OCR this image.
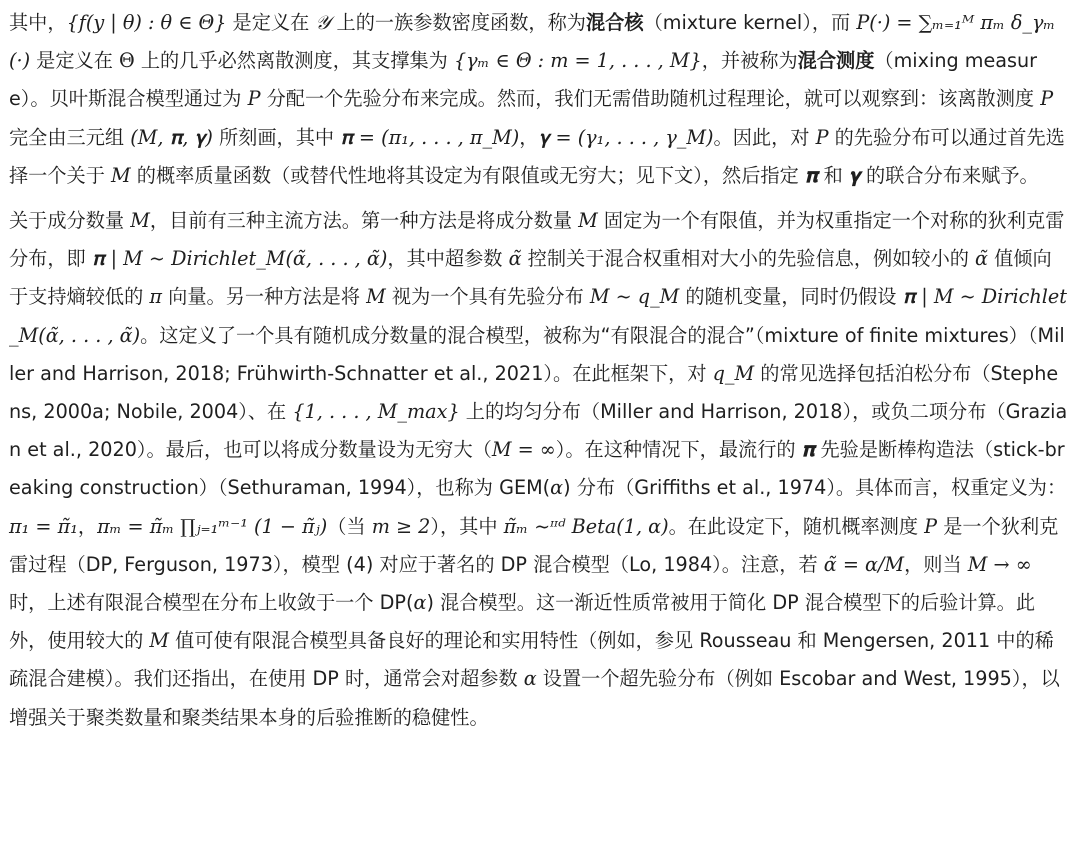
其中，{f(y | θ) : θ ∈ Θ} 是定义在 𝒴 上的一族参数密度函数，称为混合核（mixture kernel），而 P(·) = ∑ₘ₌₁ᴹ πₘ δ_γₘ (·) 是定义在 Θ 上的几乎必然离散测度，其支撑集为 {γₘ ∈ Θ : m = 1, . . . , M}，并被称为混合测度（mixing measure）。贝叶斯混合模型通过为 P 分配一个先验分布来完成。然而，我们无需借助随机过程理论，就可以观察到：该离散测度 P 完全由三元组 (M, 𝛑, 𝛄) 所刻画，其中 𝛑 = (π₁, . . . , π_M)，𝛄 = (γ₁, . . . , γ_M)。因此，对 P 的先验分布可以通过首先选择一个关于 M 的概率质量函数（或替代性地将其设定为有限值或无穷大；见下文），然后指定 𝛑 和 𝛄 的联合分布来赋予。

关于成分数量 M，目前有三种主流方法。第一种方法是将成分数量 M 固定为一个有限值，并为权重指定一个对称的狄利克雷分布，即 𝛑 | M ∼ Dirichlet_M(α̃, . . . , α̃)，其中超参数 α̃ 控制关于混合权重相对大小的先验信息，例如较小的 α̃ 值倾向于支持熵较低的 π 向量。另一种方法是将 M 视为一个具有先验分布 M ∼ q_M 的随机变量，同时仍假设 𝛑 | M ∼ Dirichlet_M(α̃, . . . , α̃)。这定义了一个具有随机成分数量的混合模型，被称为“有限混合的混合”（mixture of finite mixtures）（Miller and Harrison, 2018; Frühwirth-Schnatter et al., 2021）。在此框架下，对 q_M 的常见选择包括泊松分布（Stephens, 2000a; Nobile, 2004）、在 {1, . . . , M_max} 上的均匀分布（Miller and Harrison, 2018），或负二项分布（Grazian et al., 2020）。最后，也可以将成分数量设为无穷大（M = ∞）。在这种情况下，最流行的 𝛑 先验是断棒构造法（stick-breaking construction）（Sethuraman, 1994），也称为 GEM(α) 分布（Griffiths et al., 1974）。具体而言，权重定义为：π₁ = π̃₁，πₘ = π̃ₘ ∏ⱼ₌₁ᵐ⁻¹ (1 − π̃ⱼ)（当 m ≥ 2），其中 π̃ₘ ∼ᶦᶦᵈ Beta(1, α)。在此设定下，随机概率测度 P 是一个狄利克雷过程（DP, Ferguson, 1973），模型 (4) 对应于著名的 DP 混合模型（Lo, 1984）。注意，若 α̃ = α/M，则当 M → ∞ 时，上述有限混合模型在分布上收敛于一个 DP(α) 混合模型。这一渐近性质常被用于简化 DP 混合模型下的后验计算。此外，使用较大的 M 值可使有限混合模型具备良好的理论和实用特性（例如，参见 Rousseau 和 Mengersen, 2011 中的稀疏混合建模）。我们还指出，在使用 DP 时，通常会对超参数 α 设置一个超先验分布（例如 Escobar and West, 1995），以增强关于聚类数量和聚类结果本身的后验推断的稳健性。
